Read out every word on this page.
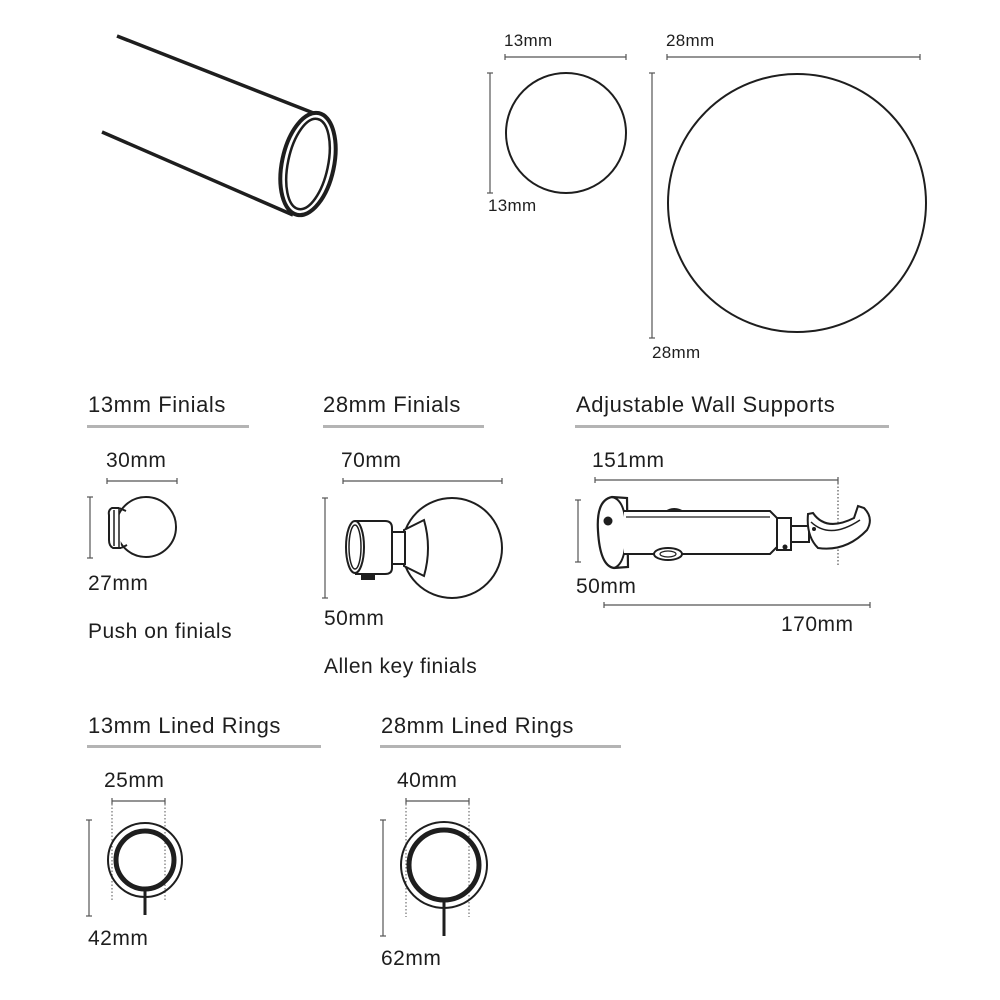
13mm
13mm
28mm
28mm
13mm Finials
30mm
27mm
Push on finials
28mm Finials
70mm
50mm
Allen key finials
Adjustable Wall Supports
151mm
50mm
170mm
13mm Lined Rings
25mm
42mm
28mm Lined Rings
40mm
62mm
